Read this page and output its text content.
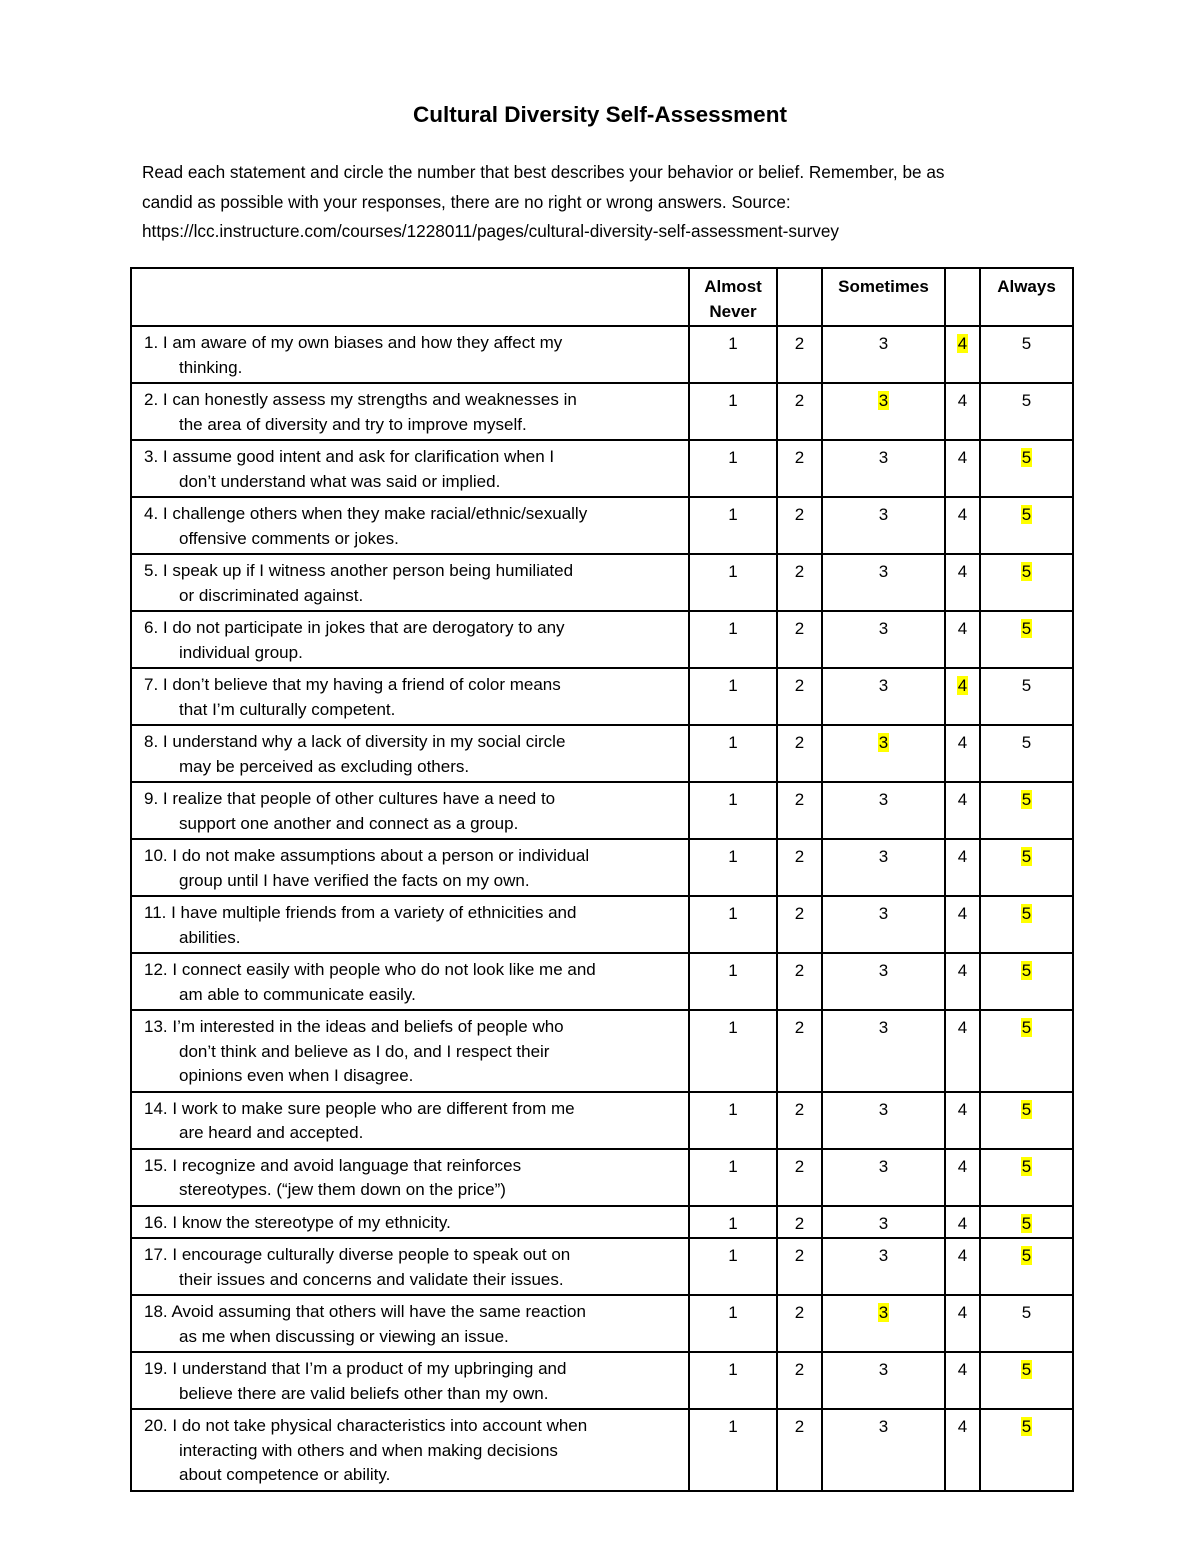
Cultural Diversity Self-Assessment
Read each statement and circle the number that best describes your behavior or belief. Remember, be as
candid as possible with your responses, there are no right or wrong answers. Source:
https://lcc.instructure.com/courses/1228011/pages/cultural-diversity-self-assessment-survey
	Almost
Never		Sometimes		Always

1. I am aware of my own biases and how they affect my
thinking.	1	2	3	4	5

2. I can honestly assess my strengths and weaknesses in
the area of diversity and try to improve myself.	1	2	3	4	5

3. I assume good intent and ask for clarification when I
don’t understand what was said or implied.	1	2	3	4	5

4. I challenge others when they make racial/ethnic/sexually
offensive comments or jokes.	1	2	3	4	5

5. I speak up if I witness another person being humiliated
or discriminated against.	1	2	3	4	5

6. I do not participate in jokes that are derogatory to any
individual group.	1	2	3	4	5

7. I don’t believe that my having a friend of color means
that I’m culturally competent.	1	2	3	4	5

8. I understand why a lack of diversity in my social circle
may be perceived as excluding others.	1	2	3	4	5

9. I realize that people of other cultures have a need to
support one another and connect as a group.	1	2	3	4	5

10. I do not make assumptions about a person or individual
group until I have verified the facts on my own.	1	2	3	4	5

11. I have multiple friends from a variety of ethnicities and
abilities.	1	2	3	4	5

12. I connect easily with people who do not look like me and
am able to communicate easily.	1	2	3	4	5

13. I’m interested in the ideas and beliefs of people who
don’t think and believe as I do, and I respect their
opinions even when I disagree.	1	2	3	4	5

14. I work to make sure people who are different from me
are heard and accepted.	1	2	3	4	5

15. I recognize and avoid language that reinforces
stereotypes. (“jew them down on the price”)	1	2	3	4	5

16. I know the stereotype of my ethnicity.	1	2	3	4	5

17. I encourage culturally diverse people to speak out on
their issues and concerns and validate their issues.	1	2	3	4	5

18. Avoid assuming that others will have the same reaction
as me when discussing or viewing an issue.	1	2	3	4	5

19. I understand that I’m a product of my upbringing and
believe there are valid beliefs other than my own.	1	2	3	4	5

20. I do not take physical characteristics into account when
interacting with others and when making decisions
about competence or ability.	1	2	3	4	5
